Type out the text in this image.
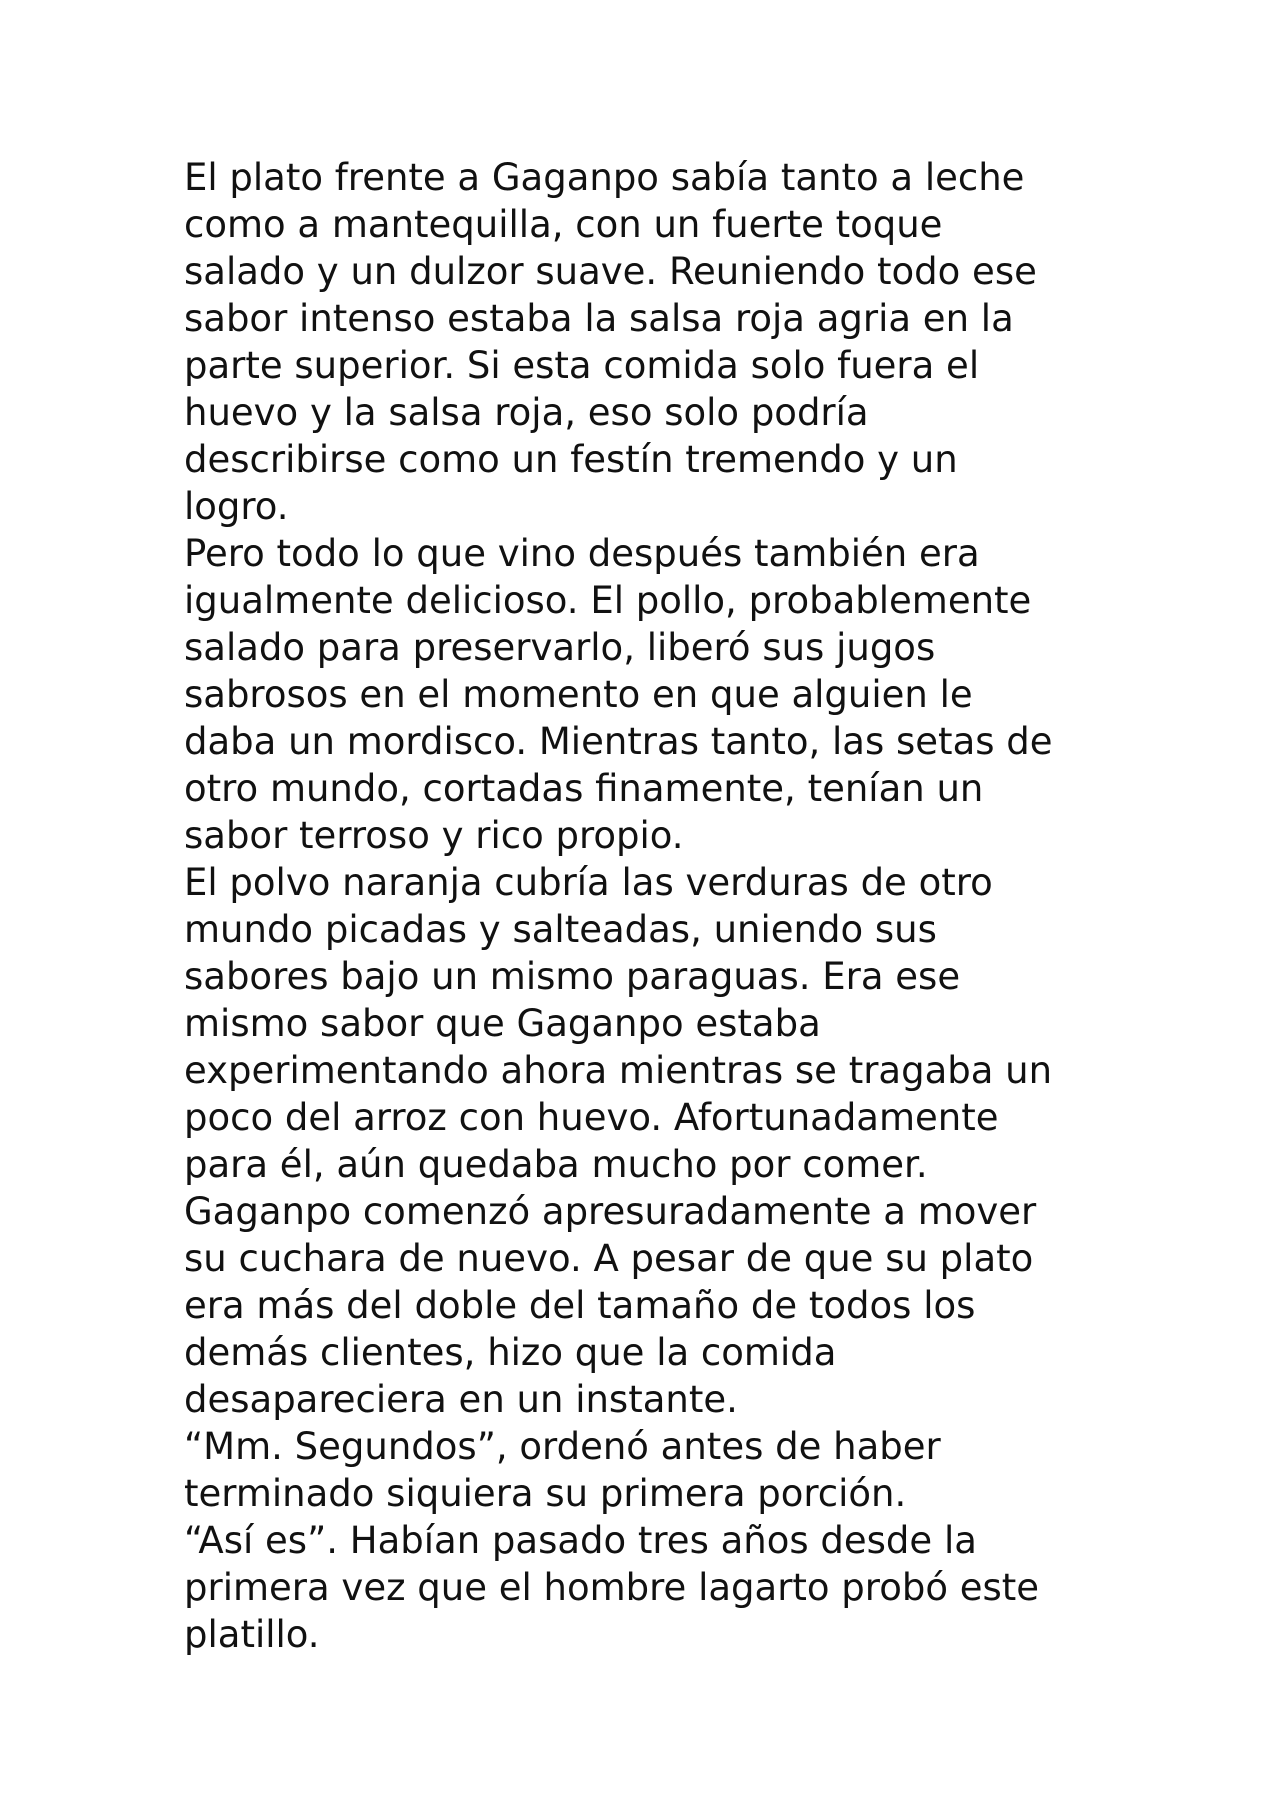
El plato frente a Gaganpo sabía tanto a leche
como a mantequilla, con un fuerte toque
salado y un dulzor suave. Reuniendo todo ese
sabor intenso estaba la salsa roja agria en la
parte superior. Si esta comida solo fuera el
huevo y la salsa roja, eso solo podría
describirse como un festín tremendo y un
logro.
Pero todo lo que vino después también era
igualmente delicioso. El pollo, probablemente
salado para preservarlo, liberó sus jugos
sabrosos en el momento en que alguien le
daba un mordisco. Mientras tanto, las setas de
otro mundo, cortadas finamente, tenían un
sabor terroso y rico propio.
El polvo naranja cubría las verduras de otro
mundo picadas y salteadas, uniendo sus
sabores bajo un mismo paraguas. Era ese
mismo sabor que Gaganpo estaba
experimentando ahora mientras se tragaba un
poco del arroz con huevo. Afortunadamente
para él, aún quedaba mucho por comer.
Gaganpo comenzó apresuradamente a mover
su cuchara de nuevo. A pesar de que su plato
era más del doble del tamaño de todos los
demás clientes, hizo que la comida
desapareciera en un instante.
“Mm. Segundos”, ordenó antes de haber
terminado siquiera su primera porción.
“Así es”. Habían pasado tres años desde la
primera vez que el hombre lagarto probó este
platillo.
